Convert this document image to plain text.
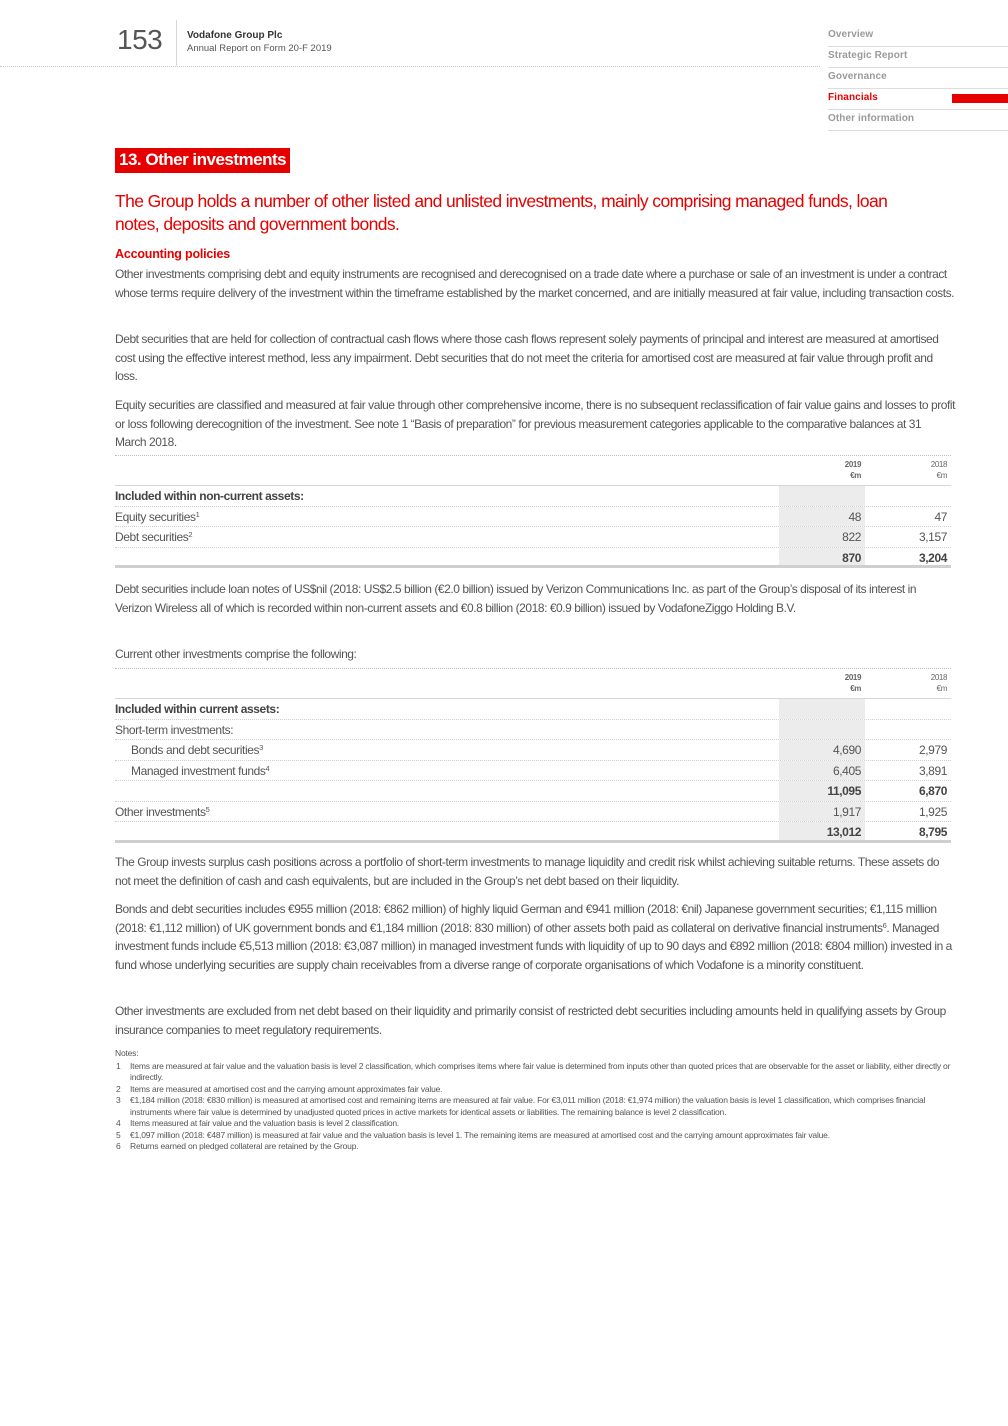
153 Vodafone Group Plc
Annual Report on Form 20-F 2019
Overview
Strategic Report
Governance
Financials
Other information
13. Other investments
The Group holds a number of other listed and unlisted investments, mainly comprising managed funds, loan notes, deposits and government bonds.
Accounting policies
Other investments comprising debt and equity instruments are recognised and derecognised on a trade date where a purchase or sale of an investment is under a contract whose terms require delivery of the investment within the timeframe established by the market concerned, and are initially measured at fair value, including transaction costs.
Debt securities that are held for collection of contractual cash flows where those cash flows represent solely payments of principal and interest are measured at amortised cost using the effective interest method, less any impairment. Debt securities that do not meet the criteria for amortised cost are measured at fair value through profit and loss.
Equity securities are classified and measured at fair value through other comprehensive income, there is no subsequent reclassification of fair value gains and losses to profit or loss following derecognition of the investment. See note 1 “Basis of preparation” for previous measurement categories applicable to the comparative balances at 31 March 2018.
2019
€m
2018
€m
Included within non-current assets:
Equity securities$^1$	48	47
Debt securities$^2$	822	3,157
870	3,204
Debt securities include loan notes of US$nil (2018: US$2.5 billion (€2.0 billion) issued by Verizon Communications Inc. as part of the Group’s disposal of its interest in Verizon Wireless all of which is recorded within non-current assets and €0.8 billion (2018: €0.9 billion) issued by VodafoneZiggo Holding B.V.
Current other investments comprise the following:
2019
€m
2018
€m
Included within current assets:
Short-term investments:
Bonds and debt securities$^3$	4,690	2,979
Managed investment funds$^4$	6,405	3,891
11,095	6,870
Other investments$^5$	1,917	1,925
13,012	8,795
The Group invests surplus cash positions across a portfolio of short-term investments to manage liquidity and credit risk whilst achieving suitable returns. These assets do not meet the definition of cash and cash equivalents, but are included in the Group’s net debt based on their liquidity.
Bonds and debt securities includes €955 million (2018: €862 million) of highly liquid German and €941 million (2018: €nil) Japanese government securities; €1,115 million (2018: €1,112 million) of UK government bonds and €1,184 million (2018: 830 million) of other assets both paid as collateral on derivative financial instruments$^6$. Managed investment funds include €5,513 million (2018: €3,087 million) in managed investment funds with liquidity of up to 90 days and €892 million (2018: €804 million) invested in a fund whose underlying securities are supply chain receivables from a diverse range of corporate organisations of which Vodafone is a minority constituent.
Other investments are excluded from net debt based on their liquidity and primarily consist of restricted debt securities including amounts held in qualifying assets by Group insurance companies to meet regulatory requirements.
Notes:
1 Items are measured at fair value and the valuation basis is level 2 classification, which comprises items where fair value is determined from inputs other than quoted prices that are observable for the asset or liability, either directly or indirectly.
2 Items are measured at amortised cost and the carrying amount approximates fair value.
3 €1,184 million (2018: €830 million) is measured at amortised cost and remaining items are measured at fair value. For €3,011 million (2018: €1,974 million) the valuation basis is level 1 classification, which comprises financial instruments where fair value is determined by unadjusted quoted prices in active markets for identical assets or liabilities. The remaining balance is level 2 classification.
4 Items measured at fair value and the valuation basis is level 2 classification.
5 €1,097 million (2018: €487 million) is measured at fair value and the valuation basis is level 1. The remaining items are measured at amortised cost and the carrying amount approximates fair value.
6 Returns earned on pledged collateral are retained by the Group.
